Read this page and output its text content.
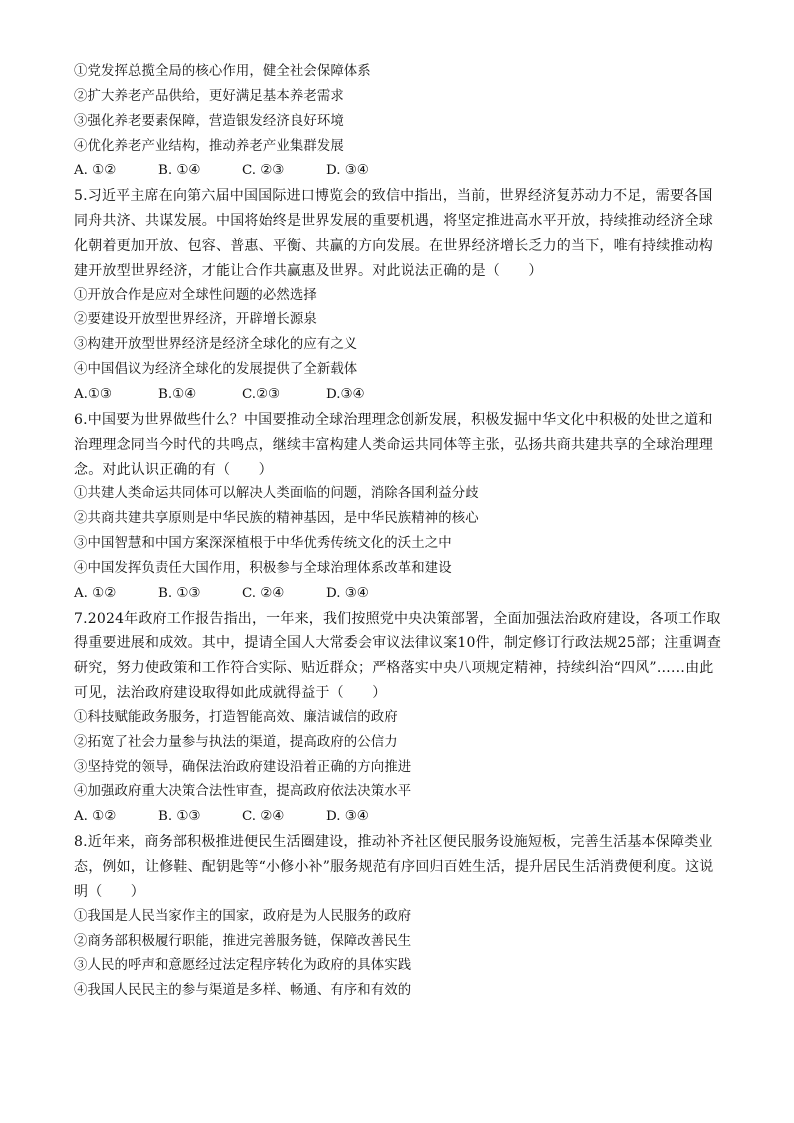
①党发挥总揽全局的核心作用，健全社会保障体系
②扩大养老产品供给，更好满足基本养老需求
③强化养老要素保障，营造银发经济良好环境
④优化养老产业结构，推动养老产业集群发展
A. ①②	B. ①④	C. ②③	D. ③④
5.习近平主席在向第六届中国国际进口博览会的致信中指出，当前，世界经济复苏动力不足，需要各国同舟共济、共谋发展。中国将始终是世界发展的重要机遇，将坚定推进高水平开放，持续推动经济全球化朝着更加开放、包容、普惠、平衡、共赢的方向发展。在世界经济增长乏力的当下，唯有持续推动构建开放型世界经济，才能让合作共赢惠及世界。对此说法正确的是（　　）
①开放合作是应对全球性问题的必然选择
②要建设开放型世界经济，开辟增长源泉
③构建开放型世界经济是经济全球化的应有之义
④中国倡议为经济全球化的发展提供了全新载体
A.①③	B.①④	C.②③	D.③④
6.中国要为世界做些什么？中国要推动全球治理理念创新发展，积极发掘中华文化中积极的处世之道和治理理念同当今时代的共鸣点，继续丰富构建人类命运共同体等主张，弘扬共商共建共享的全球治理理念。对此认识正确的有（　　）
①共建人类命运共同体可以解决人类面临的问题，消除各国利益分歧
②共商共建共享原则是中华民族的精神基因，是中华民族精神的核心
③中国智慧和中国方案深深植根于中华优秀传统文化的沃土之中
④中国发挥负责任大国作用，积极参与全球治理体系改革和建设
A. ①②	B. ①③	C. ②④	D. ③④
7.2024年政府工作报告指出，一年来，我们按照党中央决策部署，全面加强法治政府建设，各项工作取得重要进展和成效。其中，提请全国人大常委会审议法律议案10件，制定修订行政法规25部；注重调查研究，努力使政策和工作符合实际、贴近群众；严格落实中央八项规定精神，持续纠治“四风”……由此可见，法治政府建设取得如此成就得益于（　　）
①科技赋能政务服务，打造智能高效、廉洁诚信的政府
②拓宽了社会力量参与执法的渠道，提高政府的公信力
③坚持党的领导，确保法治政府建设沿着正确的方向推进
④加强政府重大决策合法性审查，提高政府依法决策水平
A. ①②	B. ①③	C. ②④	D. ③④
8.近年来，商务部积极推进便民生活圈建设，推动补齐社区便民服务设施短板，完善生活基本保障类业态，例如，让修鞋、配钥匙等“小修小补”服务规范有序回归百姓生活，提升居民生活消费便利度。这说明（　　）
①我国是人民当家作主的国家，政府是为人民服务的政府
②商务部积极履行职能，推进完善服务链，保障改善民生
③人民的呼声和意愿经过法定程序转化为政府的具体实践
④我国人民民主的参与渠道是多样、畅通、有序和有效的
